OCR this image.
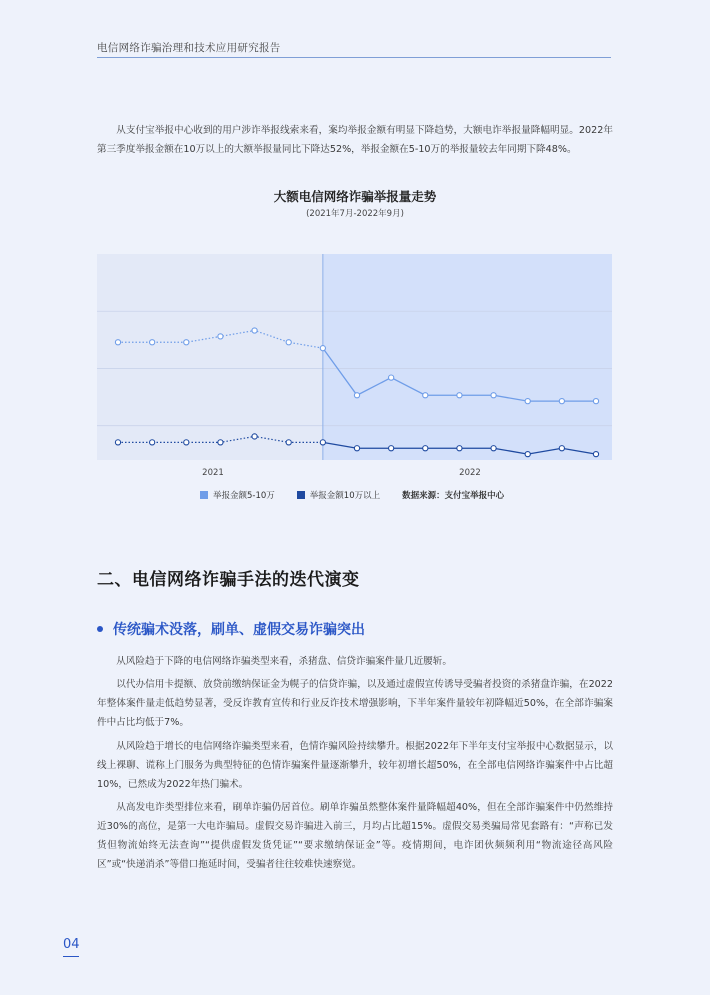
电信网络诈骗治理和技术应用研究报告

从支付宝举报中心收到的用户涉诈举报线索来看，案均举报金额有明显下降趋势，大额电诈举报量降幅明显。2022年第三季度举报金额在10万以上的大额举报量同比下降达52%，举报金额在5-10万的举报量较去年同期下降48%。

大额电信网络诈骗举报量走势
(2021年7月-2022年9月)
2021	2022
举报金额5-10万	举报金额10万以上	数据来源：支付宝举报中心
二、电信网络诈骗手法的迭代演变
传统骗术没落，刷单、虚假交易诈骗突出

从风险趋于下降的电信网络诈骗类型来看，杀猪盘、信贷诈骗案件量几近腰斩。

以代办信用卡提额、放贷前缴纳保证金为幌子的信贷诈骗，以及通过虚假宣传诱导受骗者投资的杀猪盘诈骗，在2022年整体案件量走低趋势显著，受反诈教育宣传和行业反诈技术增强影响，下半年案件量较年初降幅近50%，在全部诈骗案件中占比均低于7%。

从风险趋于增长的电信网络诈骗类型来看，色情诈骗风险持续攀升。根据2022年下半年支付宝举报中心数据显示，以线上裸聊、谎称上门服务为典型特征的色情诈骗案件量逐渐攀升，较年初增长超50%，在全部电信网络诈骗案件中占比超10%，已然成为2022年热门骗术。

从高发电诈类型排位来看，刷单诈骗仍居首位。刷单诈骗虽然整体案件量降幅超40%，但在全部诈骗案件中仍然维持近30%的高位，是第一大电诈骗局。虚假交易诈骗进入前三，月均占比超15%。虚假交易类骗局常见套路有：“声称已发货但物流始终无法查询”“提供虚假发货凭证”“要求缴纳保证金”等。疫情期间，电诈团伙频频利用“物流途径高风险区”或“快递消杀”等借口拖延时间，受骗者往往较难快速察觉。

04
